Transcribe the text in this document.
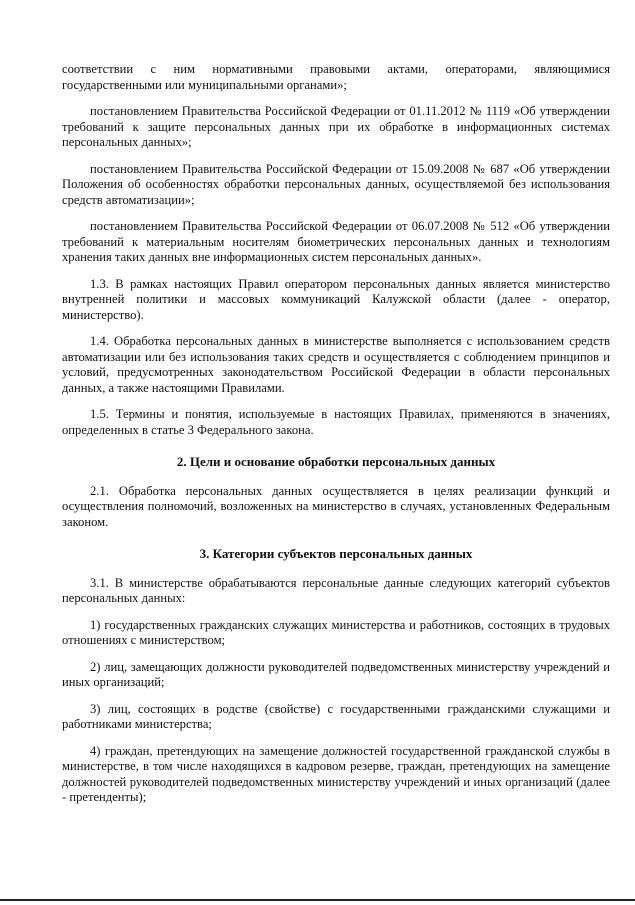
соответствии с ним нормативными правовыми актами, операторами, являющимися государственными или муниципальными органами»;

постановлением Правительства Российской Федерации от 01.11.2012 № 1119 «Об утверждении требований к защите персональных данных при их обработке в информационных системах персональных данных»;

постановлением Правительства Российской Федерации от 15.09.2008 № 687 «Об утверждении Положения об особенностях обработки персональных данных, осуществляемой без использования средств автоматизации»;

постановлением Правительства Российской Федерации от 06.07.2008 № 512 «Об утверждении требований к материальным носителям биометрических персональных данных и технологиям хранения таких данных вне информационных систем персональных данных».

1.3. В рамках настоящих Правил оператором персональных данных является министерство внутренней политики и массовых коммуникаций Калужской области (далее - оператор, министерство).

1.4. Обработка персональных данных в министерстве выполняется с использованием средств автоматизации или без использования таких средств и осуществляется с соблюдением принципов и условий, предусмотренных законодательством Российской Федерации в области персональных данных, а также настоящими Правилами.

1.5. Термины и понятия, используемые в настоящих Правилах, применяются в значениях, определенных в статье 3 Федерального закона.

2. Цели и основание обработки персональных данных

2.1. Обработка персональных данных осуществляется в целях реализации функций и осуществления полномочий, возложенных на министерство в случаях, установленных Федеральным законом.

3. Категории субъектов персональных данных

3.1. В министерстве обрабатываются персональные данные следующих категорий субъектов персональных данных:

1) государственных гражданских служащих министерства и работников, состоящих в трудовых отношениях с министерством;

2) лиц, замещающих должности руководителей подведомственных министерству учреждений и иных организаций;

3) лиц, состоящих в родстве (свойстве) с государственными гражданскими служащими и работниками министерства;

4) граждан, претендующих на замещение должностей государственной гражданской службы в министерстве, в том числе находящихся в кадровом резерве, граждан, претендующих на замещение должностей руководителей подведомственных министерству учреждений и иных организаций (далее - претенденты);
